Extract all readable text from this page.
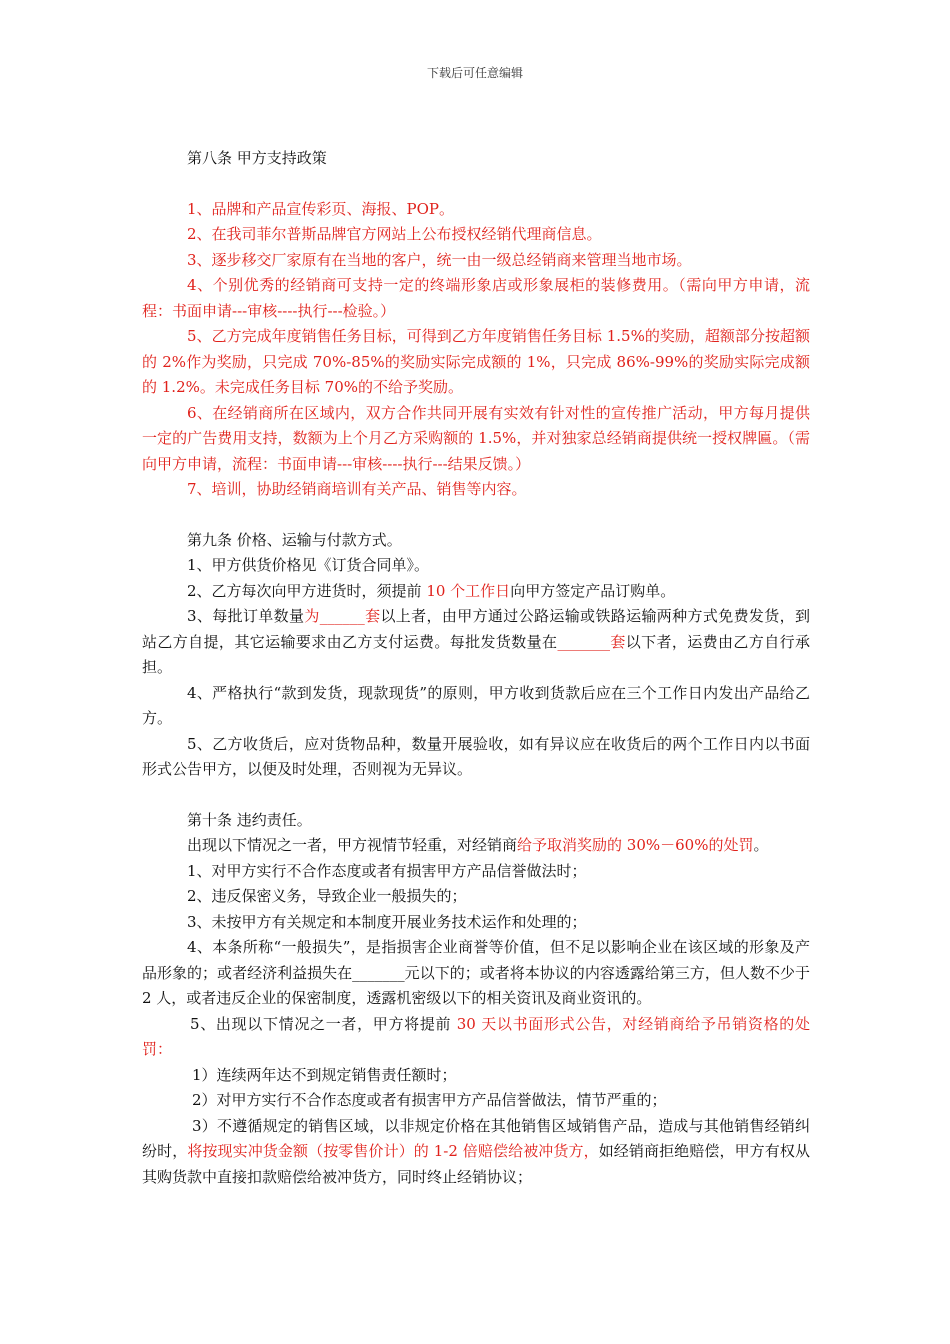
下载后可任意编辑

第八条 甲方支持政策

1、品牌和产品宣传彩页、海报、POP。

2、在我司菲尔普斯品牌官方网站上公布授权经销代理商信息。

3、逐步移交厂家原有在当地的客户，统一由一级总经销商来管理当地市场。

4、个别优秀的经销商可支持一定的终端形象店或形象展柜的装修费用。（需向甲方申请，流程：书面申请---审核----执行---检验。）

5、乙方完成年度销售任务目标，可得到乙方年度销售任务目标 1.5%的奖励，超额部分按超额的 2%作为奖励，只完成 70%-85%的奖励实际完成额的 1%，只完成 86%-99%的奖励实际完成额的 1.2%。未完成任务目标 70%的不给予奖励。

6、在经销商所在区域内，双方合作共同开展有实效有针对性的宣传推广活动，甲方每月提供一定的广告费用支持，数额为上个月乙方采购额的 1.5%，并对独家总经销商提供统一授权牌匾。（需向甲方申请，流程：书面申请---审核----执行---结果反馈。）

7、培训，协助经销商培训有关产品、销售等内容。

第九条 价格、运输与付款方式。

1、甲方供货价格见《订货合同单》。

2、乙方每次向甲方进货时，须提前 10 个工作日向甲方签定产品订购单。

3、每批订单数量为______套以上者，由甲方通过公路运输或铁路运输两种方式免费发货，到站乙方自提，其它运输要求由乙方支付运费。每批发货数量在_______套以下者，运费由乙方自行承担。

4、严格执行“款到发货，现款现货”的原则，甲方收到货款后应在三个工作日内发出产品给乙方。

5、乙方收货后，应对货物品种，数量开展验收，如有异议应在收货后的两个工作日内以书面形式公告甲方，以便及时处理，否则视为无异议。

第十条 违约责任。

出现以下情况之一者，甲方视情节轻重，对经销商给予取消奖励的 30%－60%的处罚。

1、对甲方实行不合作态度或者有损害甲方产品信誉做法时；

2、违反保密义务，导致企业一般损失的；

3、未按甲方有关规定和本制度开展业务技术运作和处理的；

4、本条所称“一般损失”，是指损害企业商誉等价值，但不足以影响企业在该区域的形象及产品形象的；或者经济利益损失在_______元以下的；或者将本协议的内容透露给第三方，但人数不少于 2 人，或者违反企业的保密制度，透露机密级以下的相关资讯及商业资讯的。

5、出现以下情况之一者，甲方将提前 30 天以书面形式公告，对经销商给予吊销资格的处罚：

1）连续两年达不到规定销售责任额时；

2）对甲方实行不合作态度或者有损害甲方产品信誉做法，情节严重的；

3）不遵循规定的销售区域，以非规定价格在其他销售区域销售产品，造成与其他销售经销纠纷时，将按现实冲货金额（按零售价计）的 1-2 倍赔偿给被冲货方，如经销商拒绝赔偿，甲方有权从其购货款中直接扣款赔偿给被冲货方，同时终止经销协议；
